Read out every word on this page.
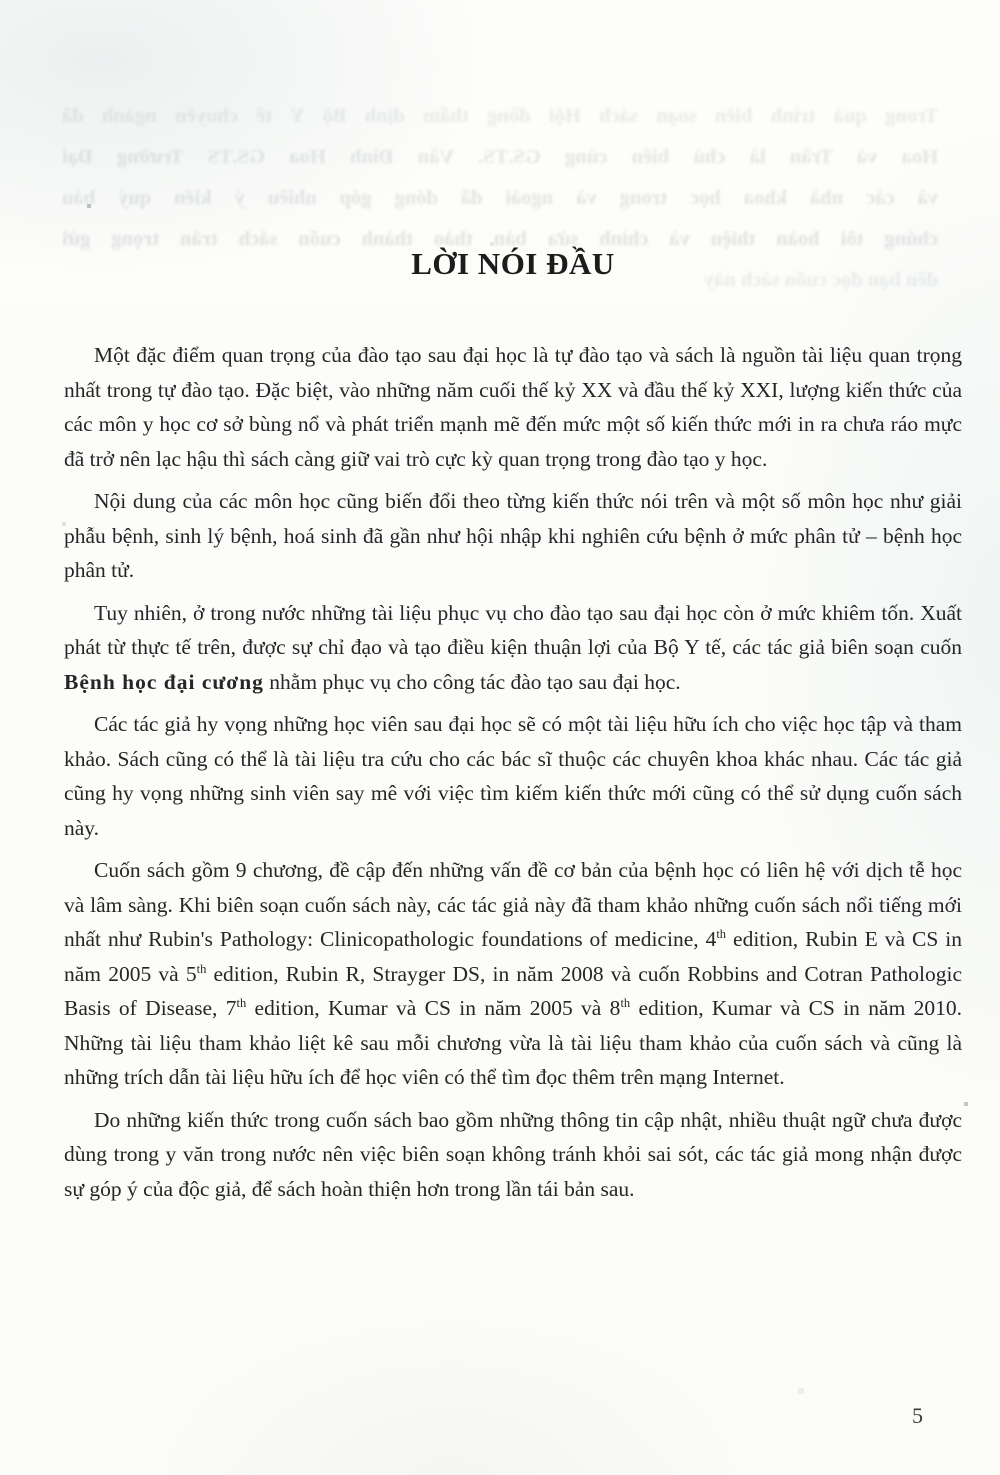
Trong quá trình biên soạn sách Hội đồng thẩm định Bộ Y tế chuyên ngành đã
Hoa và Trần là chủ biên cùng GS.TS. Văn Đình Hoa GS.TS Trường Đại
và các nhà khoa học trong và ngoài đã đóng góp nhiều ý kiến quý báu
chúng tôi hoàn thiện và chỉnh sửa bản thảo thành cuốn sách trân trọng gửi
đến bạn đọc cuốn sách này
LỜI NÓI ĐẦU

Một đặc điểm quan trọng của đào tạo sau đại học là tự đào tạo và sách là nguồn tài liệu quan trọng nhất trong tự đào tạo. Đặc biệt, vào những năm cuối thế kỷ XX và đầu thế kỷ XXI, lượng kiến thức của các môn y học cơ sở bùng nổ và phát triển mạnh mẽ đến mức một số kiến thức mới in ra chưa ráo mực đã trở nên lạc hậu thì sách càng giữ vai trò cực kỳ quan trọng trong đào tạo y học.

Nội dung của các môn học cũng biến đổi theo từng kiến thức nói trên và một số môn học như giải phẫu bệnh, sinh lý bệnh, hoá sinh đã gần như hội nhập khi nghiên cứu bệnh ở mức phân tử – bệnh học phân tử.

Tuy nhiên, ở trong nước những tài liệu phục vụ cho đào tạo sau đại học còn ở mức khiêm tốn. Xuất phát từ thực tế trên, được sự chỉ đạo và tạo điều kiện thuận lợi của Bộ Y tế, các tác giả biên soạn cuốn Bệnh học đại cương nhằm phục vụ cho công tác đào tạo sau đại học.

Các tác giả hy vọng những học viên sau đại học sẽ có một tài liệu hữu ích cho việc học tập và tham khảo. Sách cũng có thể là tài liệu tra cứu cho các bác sĩ thuộc các chuyên khoa khác nhau. Các tác giả cũng hy vọng những sinh viên say mê với việc tìm kiếm kiến thức mới cũng có thể sử dụng cuốn sách này.

Cuốn sách gồm 9 chương, đề cập đến những vấn đề cơ bản của bệnh học có liên hệ với dịch tễ học và lâm sàng. Khi biên soạn cuốn sách này, các tác giả này đã tham khảo những cuốn sách nổi tiếng mới nhất như Rubin's Pathology: Clinicopathologic foundations of medicine, 4th edition, Rubin E và CS in năm 2005 và 5th edition, Rubin R, Strayger DS, in năm 2008 và cuốn Robbins and Cotran Pathologic Basis of Disease, 7th edition, Kumar và CS in năm 2005 và 8th edition, Kumar và CS in năm 2010. Những tài liệu tham khảo liệt kê sau mỗi chương vừa là tài liệu tham khảo của cuốn sách và cũng là những trích dẫn tài liệu hữu ích để học viên có thể tìm đọc thêm trên mạng Internet.

Do những kiến thức trong cuốn sách bao gồm những thông tin cập nhật, nhiều thuật ngữ chưa được dùng trong y văn trong nước nên việc biên soạn không tránh khỏi sai sót, các tác giả mong nhận được sự góp ý của độc giả, để sách hoàn thiện hơn trong lần tái bản sau.

5
